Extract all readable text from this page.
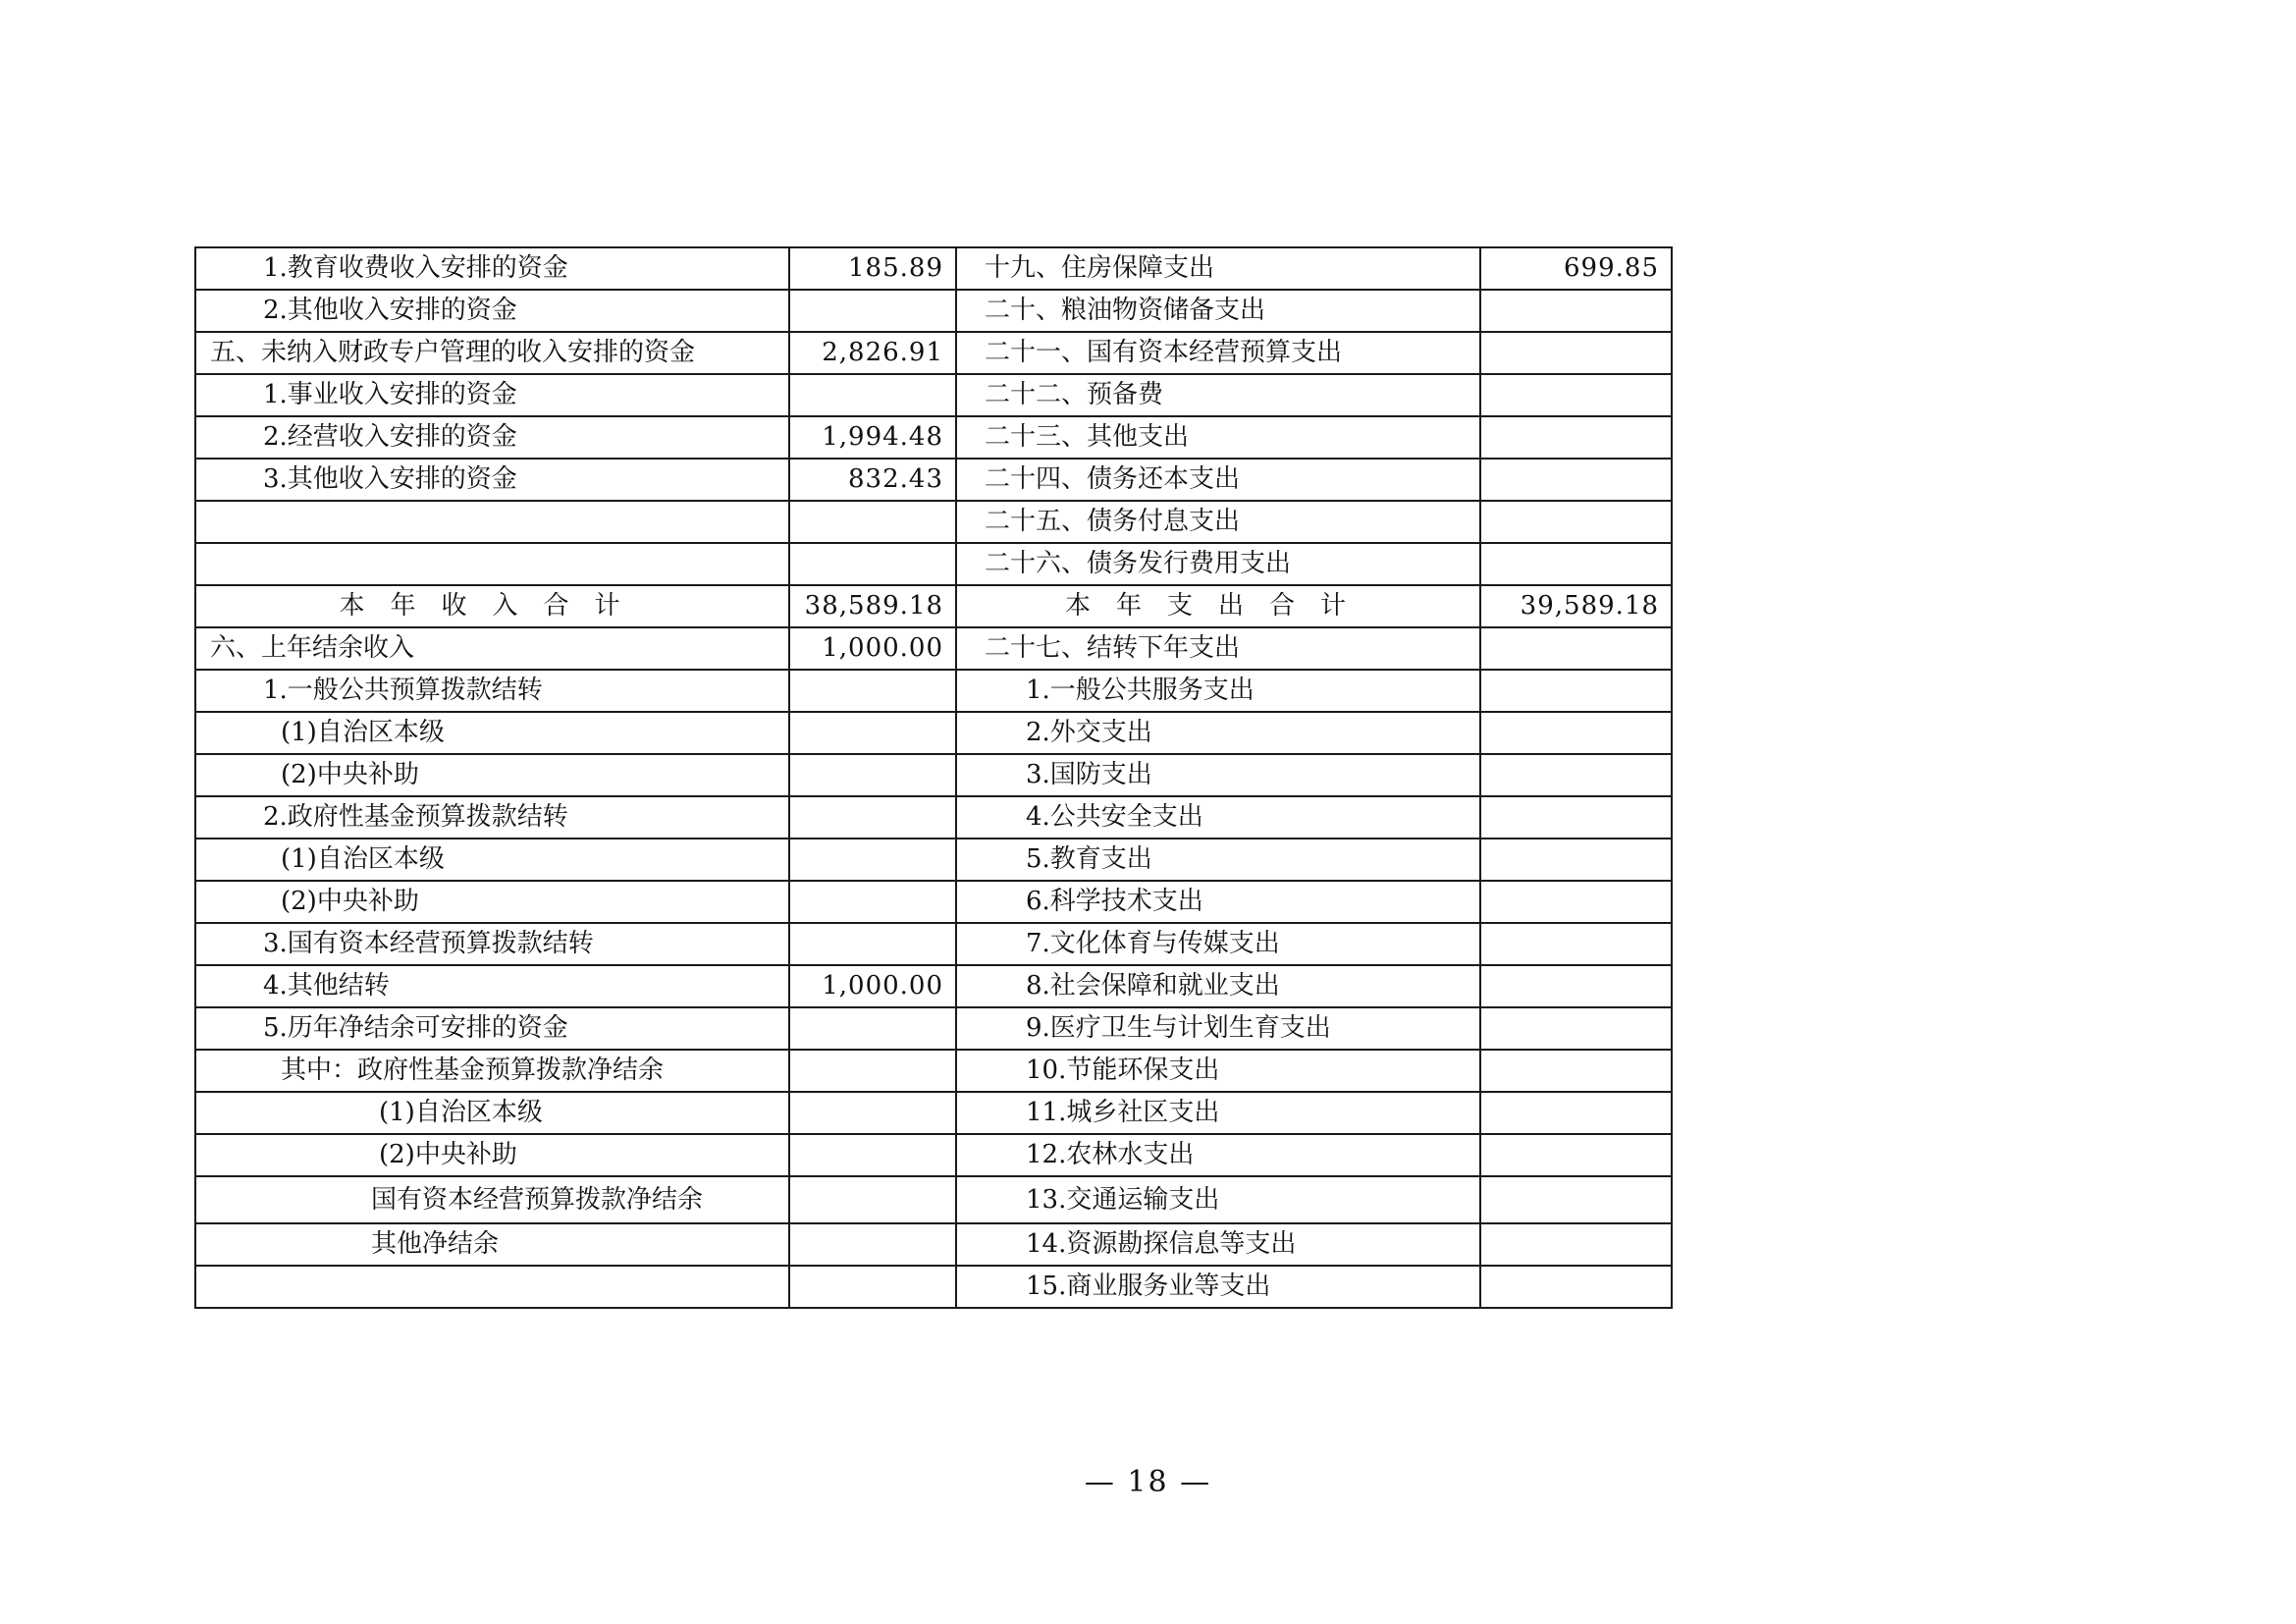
1.教育收费收入安排的资金	185.89	十九、住房保障支出	699.85
2.其他收入安排的资金		二十、粮油物资储备支出	
五、未纳入财政专户管理的收入安排的资金	2,826.91	二十一、国有资本经营预算支出	
1.事业收入安排的资金		二十二、预备费	
2.经营收入安排的资金	1,994.48	二十三、其他支出	
3.其他收入安排的资金	832.43	二十四、债务还本支出	
		二十五、债务付息支出	
		二十六、债务发行费用支出	
本年收入合计	38,589.18	本年支出合计	39,589.18
六、上年结余收入	1,000.00	二十七、结转下年支出	
1.一般公共预算拨款结转		1.一般公共服务支出	
(1)自治区本级		2.外交支出	
(2)中央补助		3.国防支出	
2.政府性基金预算拨款结转		4.公共安全支出	
(1)自治区本级		5.教育支出	
(2)中央补助		6.科学技术支出	
3.国有资本经营预算拨款结转		7.文化体育与传媒支出	
4.其他结转	1,000.00	8.社会保障和就业支出	
5.历年净结余可安排的资金		9.医疗卫生与计划生育支出	
其中：政府性基金预算拨款净结余		10.节能环保支出	
(1)自治区本级		11.城乡社区支出	
(2)中央补助		12.农林水支出	
国有资本经营预算拨款净结余		13.交通运输支出	
其他净结余		14.资源勘探信息等支出	
		15.商业服务业等支出	
— 18 —
